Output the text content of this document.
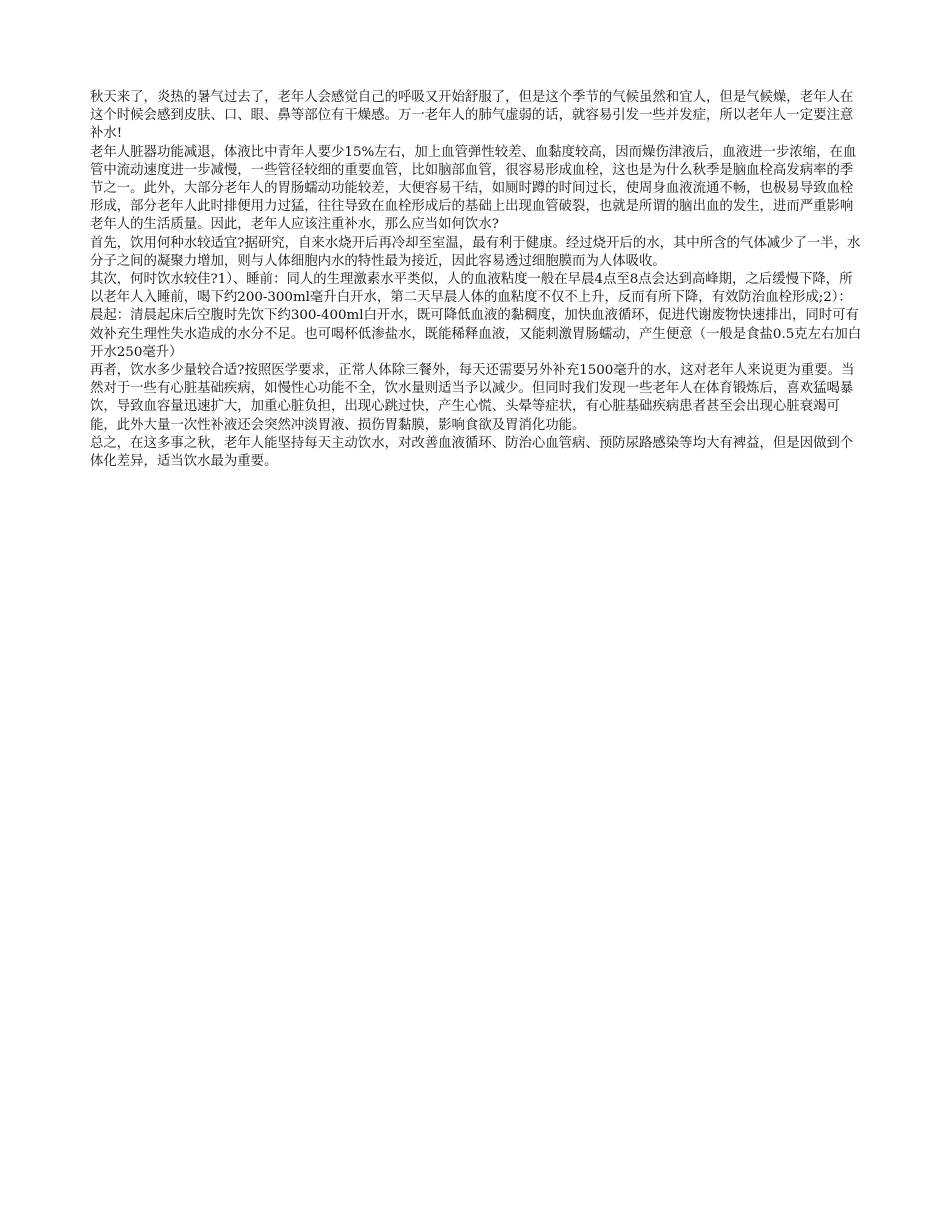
秋天来了，炎热的暑气过去了，老年人会感觉自己的呼吸又开始舒服了，但是这个季节的气候虽然和宜人，但是气候燥，老年人在这个时候会感到皮肤、口、眼、鼻等部位有干燥感。万一老年人的肺气虚弱的话，就容易引发一些并发症，所以老年人一定要注意补水!

老年人脏器功能减退，体液比中青年人要少15%左右，加上血管弹性较差、血黏度较高，因而燥伤津液后，血液进一步浓缩，在血管中流动速度进一步减慢，一些管径较细的重要血管，比如脑部血管，很容易形成血栓，这也是为什么秋季是脑血栓高发病率的季节之一。此外，大部分老年人的胃肠蠕动功能较差，大便容易干结，如厕时蹲的时间过长，使周身血液流通不畅，也极易导致血栓形成，部分老年人此时排便用力过猛，往往导致在血栓形成后的基础上出现血管破裂，也就是所谓的脑出血的发生，进而严重影响老年人的生活质量。因此，老年人应该注重补水，那么应当如何饮水?

首先，饮用何种水较适宜?据研究，自来水烧开后再冷却至室温，最有利于健康。经过烧开后的水，其中所含的气体减少了一半，水分子之间的凝聚力增加，则与人体细胞内水的特性最为接近，因此容易透过细胞膜而为人体吸收。

其次，何时饮水较佳?1）、睡前：同人的生理激素水平类似，人的血液粘度一般在早晨4点至8点会达到高峰期，之后缓慢下降，所以老年人入睡前，喝下约200-300ml毫升白开水，第二天早晨人体的血粘度不仅不上升，反而有所下降，有效防治血栓形成;2）：晨起：清晨起床后空腹时先饮下约300-400ml白开水，既可降低血液的黏稠度，加快血液循环，促进代谢废物快速排出，同时可有效补充生理性失水造成的水分不足。也可喝杯低渗盐水，既能稀释血液，又能刺激胃肠蠕动，产生便意（一般是食盐0.5克左右加白开水250毫升）

再者，饮水多少量较合适?按照医学要求，正常人体除三餐外，每天还需要另外补充1500毫升的水，这对老年人来说更为重要。当然对于一些有心脏基础疾病，如慢性心功能不全，饮水量则适当予以减少。但同时我们发现一些老年人在体育锻炼后，喜欢猛喝暴饮，导致血容量迅速扩大，加重心脏负担，出现心跳过快，产生心慌、头晕等症状，有心脏基础疾病患者甚至会出现心脏衰竭可能，此外大量一次性补液还会突然冲淡胃液、损伤胃黏膜，影响食欲及胃消化功能。

总之，在这多事之秋，老年人能坚持每天主动饮水，对改善血液循环、防治心血管病、预防尿路感染等均大有裨益，但是因做到个体化差异，适当饮水最为重要。
